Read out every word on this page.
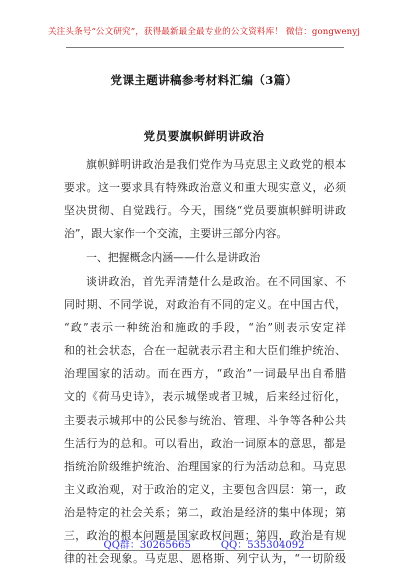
关注头条号“公文研究”，获得最新最全最专业的公文资料库！ 微信：gongwenyj
党课主题讲稿参考材料汇编（3篇）
党员要旗帜鲜明讲政治
旗帜鲜明讲政治是我们党作为马克思主义政党的根本
要求。这一要求具有特殊政治意义和重大现实意义，必须
坚决贯彻、自觉践行。今天，围绕“党员要旗帜鲜明讲政
治”，跟大家作一个交流，主要讲三部分内容。
一、把握概念内涵——什么是讲政治
谈讲政治，首先弄清楚什么是政治。在不同国家、不
同时期、不同学说，对政治有不同的定义。在中国古代，
“政”表示一种统治和施政的手段，“治”则表示安定祥
和的社会状态，合在一起就表示君主和大臣们维护统治、
治理国家的活动。而在西方，“政治”一词最早出自希腊
文的《荷马史诗》，表示城堡或者卫城，后来经过衍化，
主要表示城邦中的公民参与统治、管理、斗争等各种公共
生活行为的总和。可以看出，政治一词原本的意思，都是
指统治阶级维护统治、治理国家的行为活动总和。马克思
主义政治观，对于政治的定义，主要包含四层：第一，政
治是特定的社会关系；第二，政治是经济的集中体现；第
三，政治的根本问题是国家政权问题；第四，政治是有规
律的社会现象。马克思、恩格斯、列宁认为，“一切阶级
QQ群：30265665	QQ：535304092
